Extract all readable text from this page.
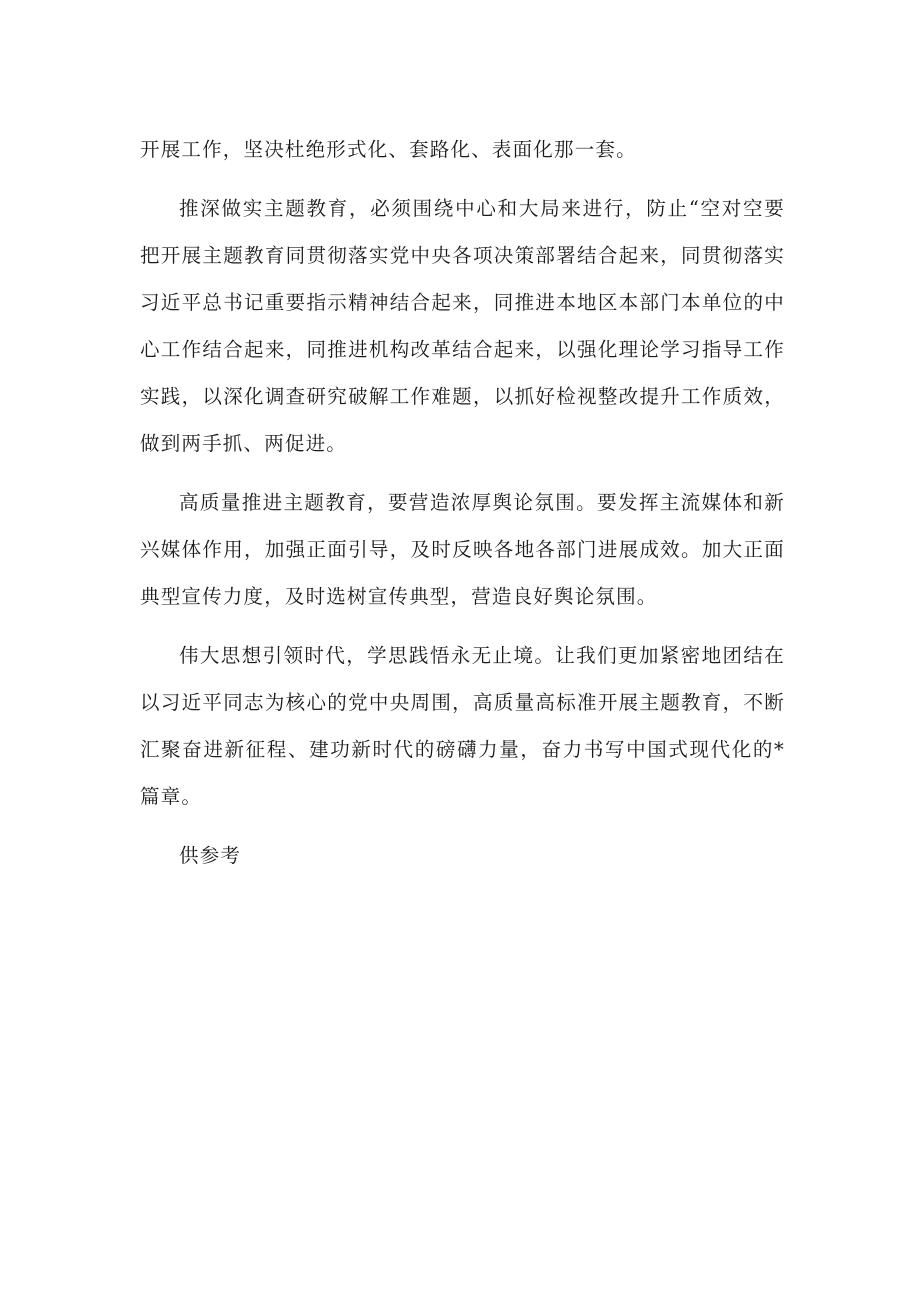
开展工作，坚决杜绝形式化、套路化、表面化那一套。

推深做实主题教育，必须围绕中心和大局来进行，防止“空对空要把开展主题教育同贯彻落实党中央各项决策部署结合起来，同贯彻落实习近平总书记重要指示精神结合起来，同推进本地区本部门本单位的中心工作结合起来，同推进机构改革结合起来，以强化理论学习指导工作实践，以深化调查研究破解工作难题，以抓好检视整改提升工作质效，做到两手抓、两促进。

高质量推进主题教育，要营造浓厚舆论氛围。要发挥主流媒体和新兴媒体作用，加强正面引导，及时反映各地各部门进展成效。加大正面典型宣传力度，及时选树宣传典型，营造良好舆论氛围。

伟大思想引领时代，学思践悟永无止境。让我们更加紧密地团结在以习近平同志为核心的党中央周围，高质量高标准开展主题教育，不断汇聚奋进新征程、建功新时代的磅礴力量，奋力书写中国式现代化的*篇章。

供参考
